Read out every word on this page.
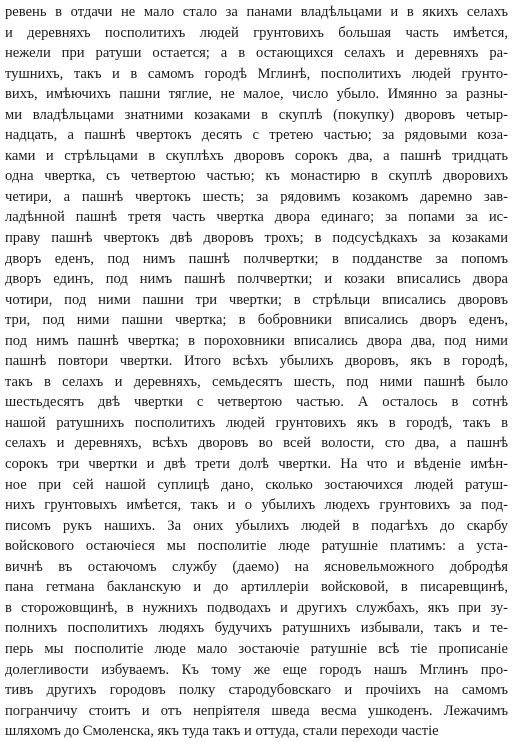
ревень в отдачи не мало стало за панами владѣльцами и в якихъ селахъ
и деревняхъ посполитихъ людей грунтовихъ большая часть имѣется,
нежели при ратуши остается; а в остающихся селахъ и деревняхъ ра-
тушнихъ, такъ и в самомъ городѣ Мглинѣ, посполитихъ людей грунто-
вихъ, имѣючихъ пашни тяглие, не малое, число убыло. Имянно за разны-
ми владѣльцами знатними козаками в скуплѣ (покупку) дворовъ четыр-
надцать, а пашнѣ чвертокъ десять с третею частью; за рядовыми коза-
ками и стрѣльцами в скуплѣхъ дворовъ сорокъ два, а пашнѣ тридцать
одна чвертка, съ четвертою частью; къ монастирю в скуплѣ дворовихъ
четири, а пашнѣ чвертокъ шесть; за рядовимъ козакомъ даремно зав-
ладѣнной пашнѣ третя часть чвертка двора единагo; за попами за ис-
праву пашнѣ чвертокъ двѣ дворовъ трохъ; в подсусѣдкахъ за козаками
дворъ еденъ, под нимъ пашнѣ полчвертки; в подданстве за попомъ
дворъ единъ, под нимъ пашнѣ полчвертки; и козаки вписались двора
чотири, под ними пашни три чвертки; в стрѣльци вписались дворовъ
три, под ними пашни чвертка; в бобровники вписались дворъ еденъ,
под нимъ пашнѣ чвертка; в пороховники вписались двора два, под ними
пашнѣ повтори чвертки. Итого всѣхъ убылихъ дворовъ, якъ в городѣ,
такъ в селахъ и деревняхъ, семьдесятъ шесть, под ними пашнѣ было
шестьдесятъ двѣ чвертки с четвертою частью. А осталось в сотнѣ
нашой ратушнихъ посполитихъ людей грунтовихъ якъ в городѣ, такъ в
селахъ и деревняхъ, всѣхъ дворовъ во всей волости, сто два, а пашнѣ
сорокъ три чвертки и двѣ трети долѣ чвертки. На что и вѣденіе имѣн-
ное при сей нашой суплицѣ дано, сколько зостаючихся людей ратуш-
нихъ грунтовыхъ имѣется, такъ и о убылихъ людехъ грунтовихъ за под-
писомъ рукъ нашихъ. За оних убылихъ людей в подагѣхъ до скарбу
войскового остаючіеся мы посполитіе люде ратушніе платимъ: а уста-
вичнѣ въ остаючомъ службу (даемо) на ясновельможного добродѣя
пана гетмана бакланскую и до артиллеріи войсковой, в писаревщинѣ,
в сторожовщинѣ, в нужнихъ подводахъ и другихъ службахъ, якъ при зу-
полнихъ посполитихъ людяхъ будучихъ ратушнихъ избывали, такъ и те-
перь мы посполитіе люде мало зостаючіе ратушніе всѣ тіе прописаніе
долегливости избуваемъ. Къ тому же еще городъ нашъ Мглинъ про-
тивъ другихъ городовъ полку стародубовскаго и прочіихъ на самомъ
погранчичу стоитъ и отъ непріятеля шведа весма ушкоденъ. Лежачимъ
шляхомъ до Смоленска, якъ туда такъ и оттуда, стали переходи частіе
